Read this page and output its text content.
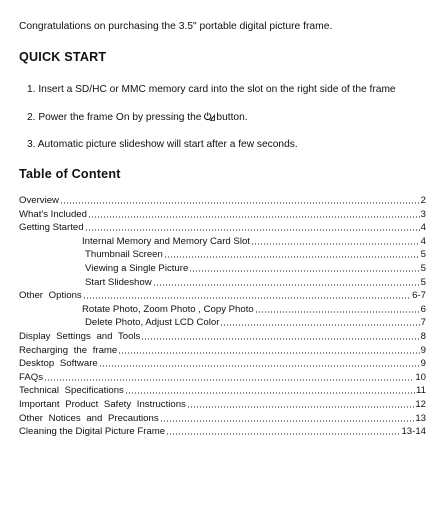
Congratulations on purchasing the 3.5" portable digital picture frame.
QUICK START
1. Insert a SD/HC or MMC memory card into the slot on the right side of the frame
2. Power the frame On by pressing the button.
3. Automatic picture slideshow will start after a few seconds.
Table of Content
Overview	2
What's Included	3
Getting Started	4
Internal Memory and Memory Card Slot	4
Thumbnail Screen	5
Viewing a Single Picture	5
Start Slideshow	5
Other Options	6-7
Rotate Photo, Zoom Photo , Copy Photo	6
Delete Photo, Adjust LCD Color	7
Display Settings and Tools	8
Recharging the frame	9
Desktop Software	9
FAQs	10
Technical Specifications	11
Important Product Safety Instructions	12
Other Notices and Precautions	13
Cleaning the Digital Picture Frame	13-14
